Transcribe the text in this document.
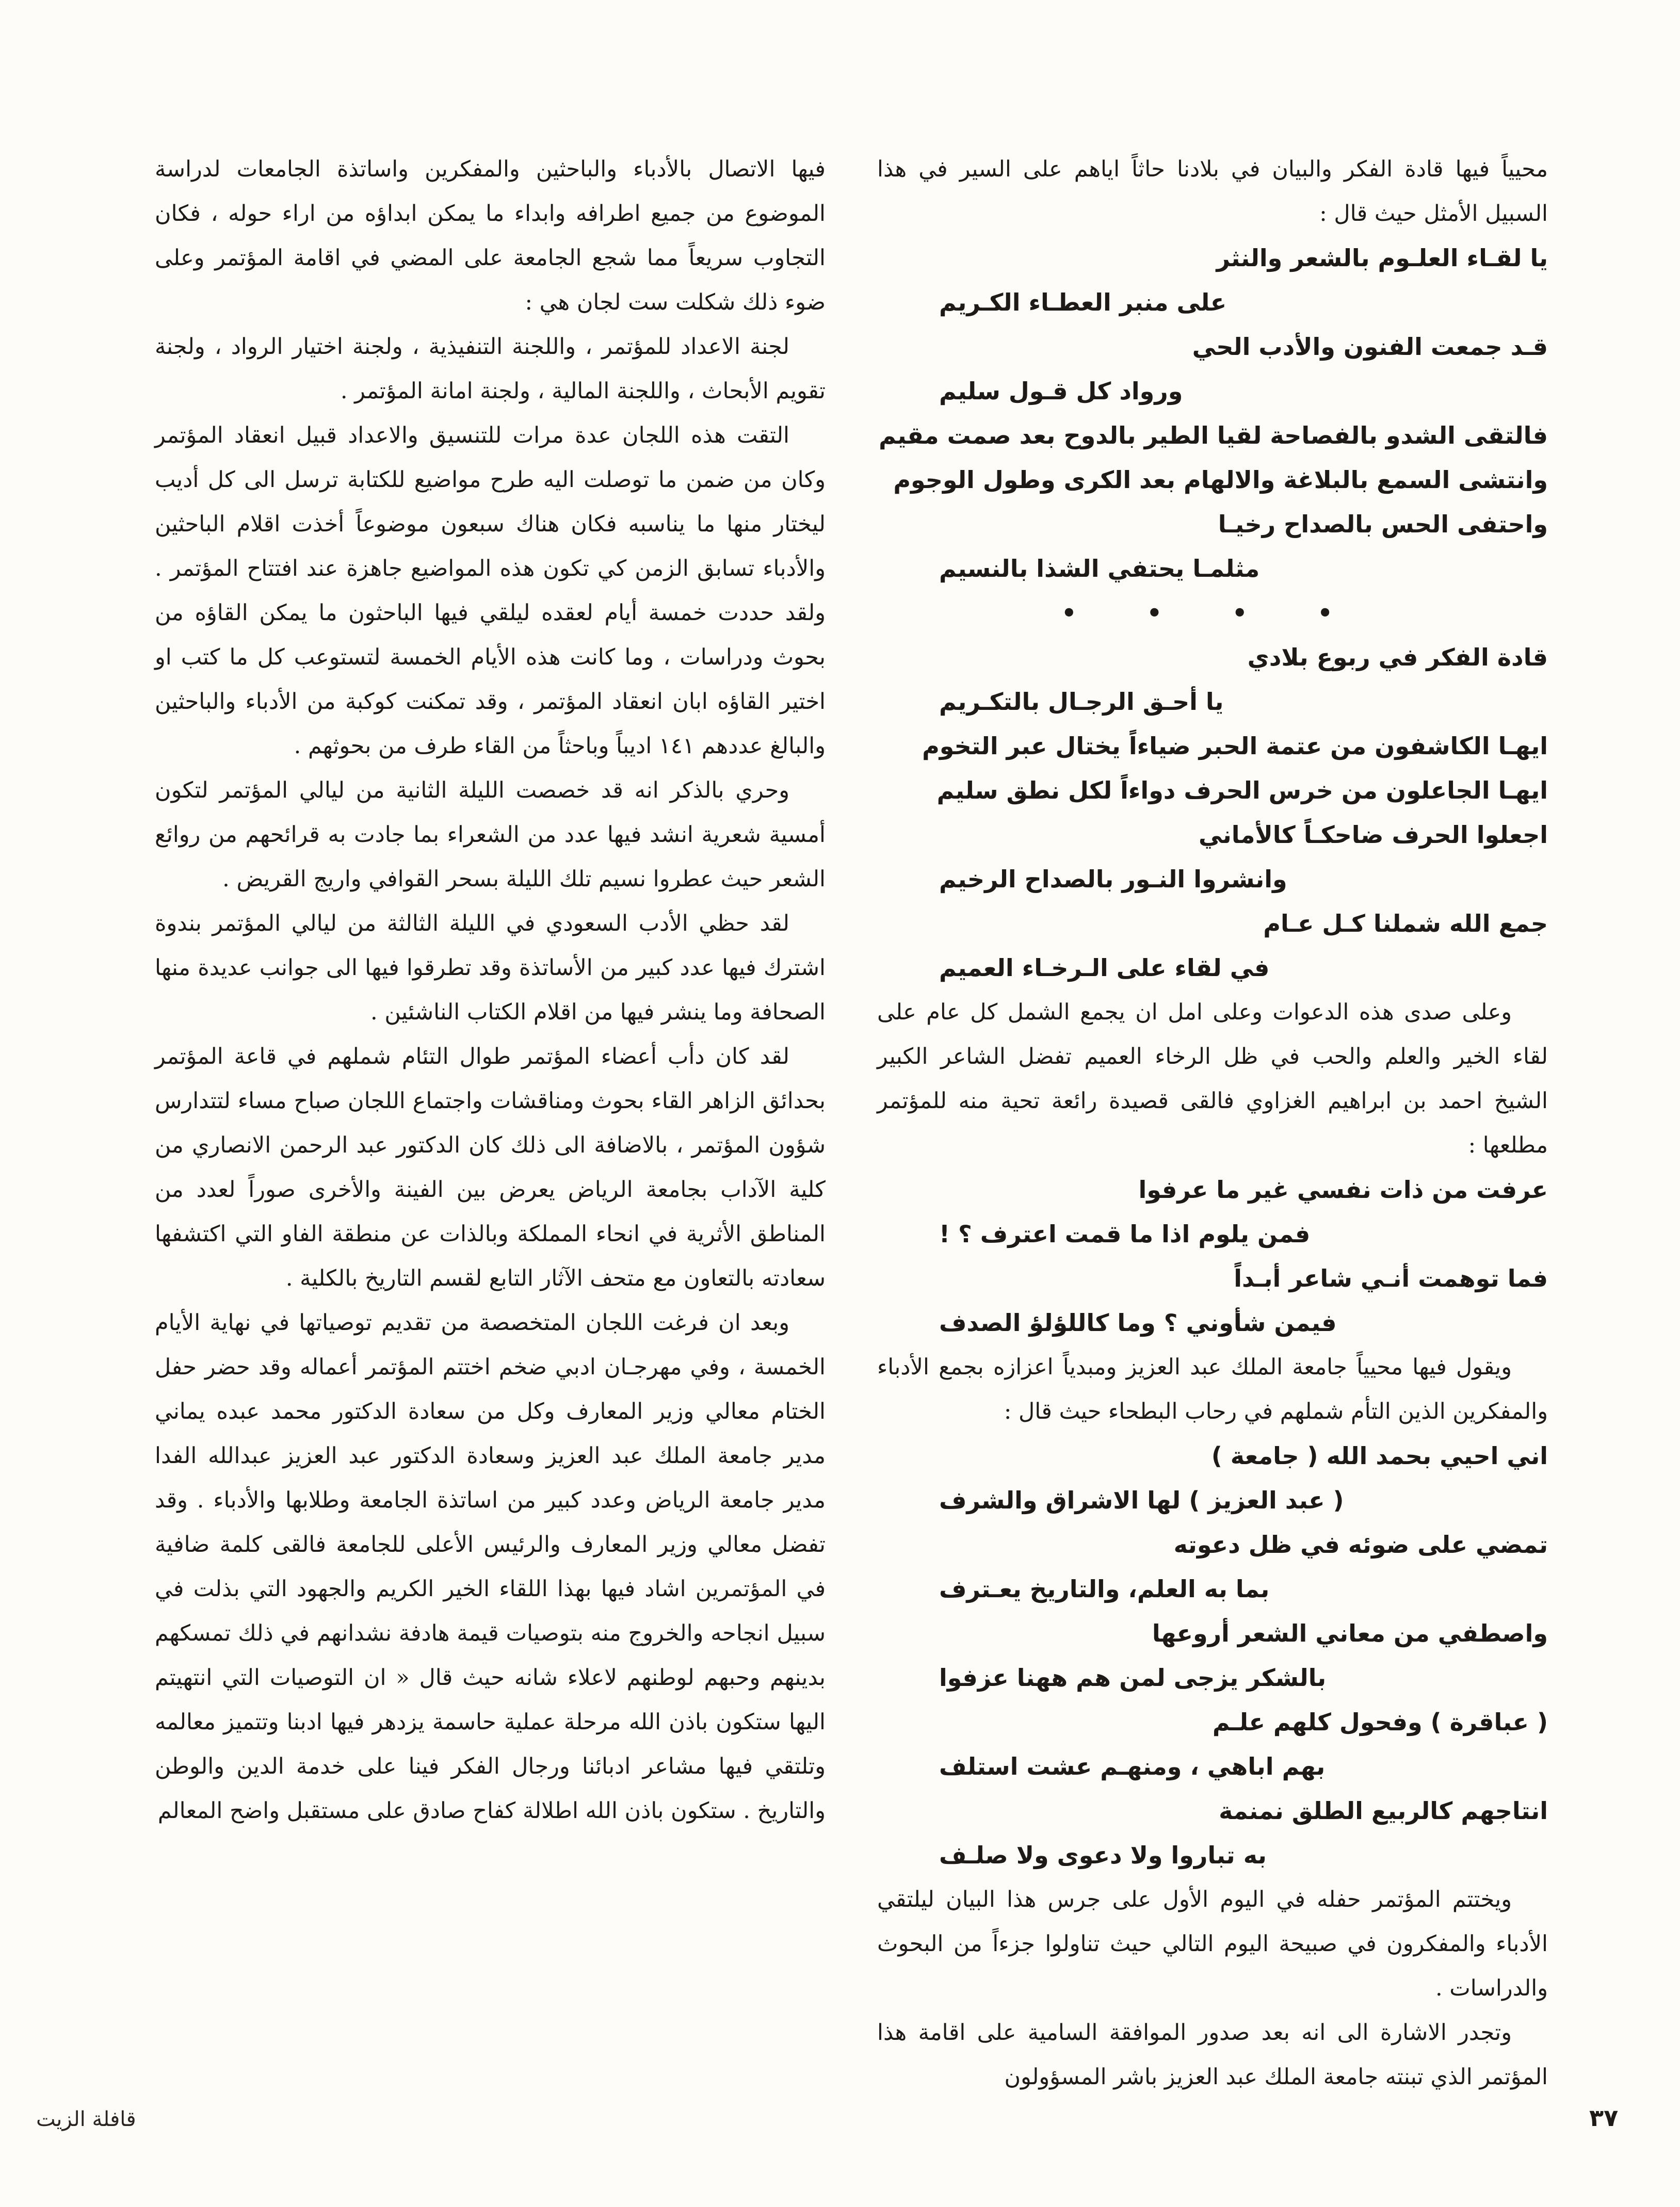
محيياً فيها قادة الفكر والبيان في بلادنا حاثاً اياهم على السير في هذا السبيل الأمثل حيث قال :

يا لقـاء العلـوم بالشعر والنثر

على منبر العطـاء الكـريم

قـد جمعت الفنون والأدب الحي

ورواد كل قـول سليم

فالتقى الشدو بالفصاحة لقيا الطير بالدوح بعد صمت مقيم

وانتشى السمع بالبلاغة والالهام بعد الكرى وطول الوجوم

واحتفى الحس بالصداح رخيـا

مثلمـا يحتفي الشذا بالنسيم

• • • •

قادة الفكر في ربوع بلادي

يا أحـق الرجـال بالتكـريم

ايهـا الكاشفون من عتمة الحبر ضياءاً يختال عبر التخوم

ايهـا الجاعلون من خرس الحرف دواءاً لكل نطق سليم

اجعلوا الحرف ضاحكـاً كالأماني

وانشروا النـور بالصداح الرخيم

جمع الله شملنا كـل عـام

في لقاء على الـرخـاء العميم

وعلى صدى هذه الدعوات وعلى امل ان يجمع الشمل كل عام على لقاء الخير والعلم والحب في ظل الرخاء العميم تفضل الشاعر الكبير الشيخ احمد بن ابراهيم الغزاوي فالقى قصيدة رائعة تحية منه للمؤتمر مطلعها :

عرفت من ذات نفسي غير ما عرفوا

فمن يلوم اذا ما قمت اعترف ؟ !

فما توهمت أنـي شاعر أبـداً

فيمن شأوني ؟ وما كاللؤلؤ الصدف

ويقول فيها محيياً جامعة الملك عبد العزيز ومبدياً اعزازه بجمع الأدباء والمفكرين الذين التأم شملهم في رحاب البطحاء حيث قال :

اني احيي بحمد الله ( جامعة )

( عبد العزيز ) لها الاشراق والشرف

تمضي على ضوئه في ظل دعوته

بما به العلم، والتاريخ يعـترف

واصطفي من معاني الشعر أروعها

بالشكر يزجى لمن هم ههنا عزفوا

( عباقرة ) وفحول كلهم علـم

بهم اباهي ، ومنهـم عشت استلف

انتاجهم كالربيع الطلق نمنمة

به تباروا ولا دعوى ولا صلـف

ويختتم المؤتمر حفله في اليوم الأول على جرس هذا البيان ليلتقي الأدباء والمفكرون في صبيحة اليوم التالي حيث تناولوا جزءاً من البحوث والدراسات .

وتجدر الاشارة الى انه بعد صدور الموافقة السامية على اقامة هذا المؤتمر الذي تبنته جامعة الملك عبد العزيز باشر المسؤولون

فيها الاتصال بالأدباء والباحثين والمفكرين واساتذة الجامعات لدراسة الموضوع من جميع اطرافه وابداء ما يمكن ابداؤه من اراء حوله ، فكان التجاوب سريعاً مما شجع الجامعة على المضي في اقامة المؤتمر وعلى ضوء ذلك شكلت ست لجان هي :

لجنة الاعداد للمؤتمر ، واللجنة التنفيذية ، ولجنة اختيار الرواد ، ولجنة تقويم الأبحاث ، واللجنة المالية ، ولجنة امانة المؤتمر .

التقت هذه اللجان عدة مرات للتنسيق والاعداد قبيل انعقاد المؤتمر وكان من ضمن ما توصلت اليه طرح مواضيع للكتابة ترسل الى كل أديب ليختار منها ما يناسبه فكان هناك سبعون موضوعاً أخذت اقلام الباحثين والأدباء تسابق الزمن كي تكون هذه المواضيع جاهزة عند افتتاح المؤتمر . ولقد حددت خمسة أيام لعقده ليلقي فيها الباحثون ما يمكن القاؤه من بحوث ودراسات ، وما كانت هذه الأيام الخمسة لتستوعب كل ما كتب او اختير القاؤه ابان انعقاد المؤتمر ، وقد تمكنت كوكبة من الأدباء والباحثين والبالغ عددهم ١٤١ اديباً وباحثاً من القاء طرف من بحوثهم .

وحري بالذكر انه قد خصصت الليلة الثانية من ليالي المؤتمر لتكون أمسية شعرية انشد فيها عدد من الشعراء بما جادت به قرائحهم من روائع الشعر حيث عطروا نسيم تلك الليلة بسحر القوافي واريج القريض .

لقد حظي الأدب السعودي في الليلة الثالثة من ليالي المؤتمر بندوة اشترك فيها عدد كبير من الأساتذة وقد تطرقوا فيها الى جوانب عديدة منها الصحافة وما ينشر فيها من اقلام الكتاب الناشئين .

لقد كان دأب أعضاء المؤتمر طوال التئام شملهم في قاعة المؤتمر بحدائق الزاهر القاء بحوث ومناقشات واجتماع اللجان صباح مساء لتتدارس شؤون المؤتمر ، بالاضافة الى ذلك كان الدكتور عبد الرحمن الانصاري من كلية الآداب بجامعة الرياض يعرض بين الفينة والأخرى صوراً لعدد من المناطق الأثرية في انحاء المملكة وبالذات عن منطقة الفاو التي اكتشفها سعادته بالتعاون مع متحف الآثار التابع لقسم التاريخ بالكلية .

وبعد ان فرغت اللجان المتخصصة من تقديم توصياتها في نهاية الأيام الخمسة ، وفي مهرجـان ادبي ضخم اختتم المؤتمر أعماله وقد حضر حفل الختام معالي وزير المعارف وكل من سعادة الدكتور محمد عبده يماني مدير جامعة الملك عبد العزيز وسعادة الدكتور عبد العزيز عبدالله الفدا مدير جامعة الرياض وعدد كبير من اساتذة الجامعة وطلابها والأدباء . وقد تفضل معالي وزير المعارف والرئيس الأعلى للجامعة فالقى كلمة ضافية في المؤتمرين اشاد فيها بهذا اللقاء الخير الكريم والجهود التي بذلت في سبيل انجاحه والخروج منه بتوصيات قيمة هادفة نشدانهم في ذلك تمسكهم بدينهم وحبهم لوطنهم لاعلاء شانه حيث قال « ان التوصيات التي انتهيتم اليها ستكون باذن الله مرحلة عملية حاسمة يزدهر فيها ادبنا وتتميز معالمه وتلتقي فيها مشاعر ادبائنا ورجال الفكر فينا على خدمة الدين والوطن والتاريخ . ستكون باذن الله اطلالة كفاح صادق على مستقبل واضح المعالم

قافلة الزيت	٣٧
